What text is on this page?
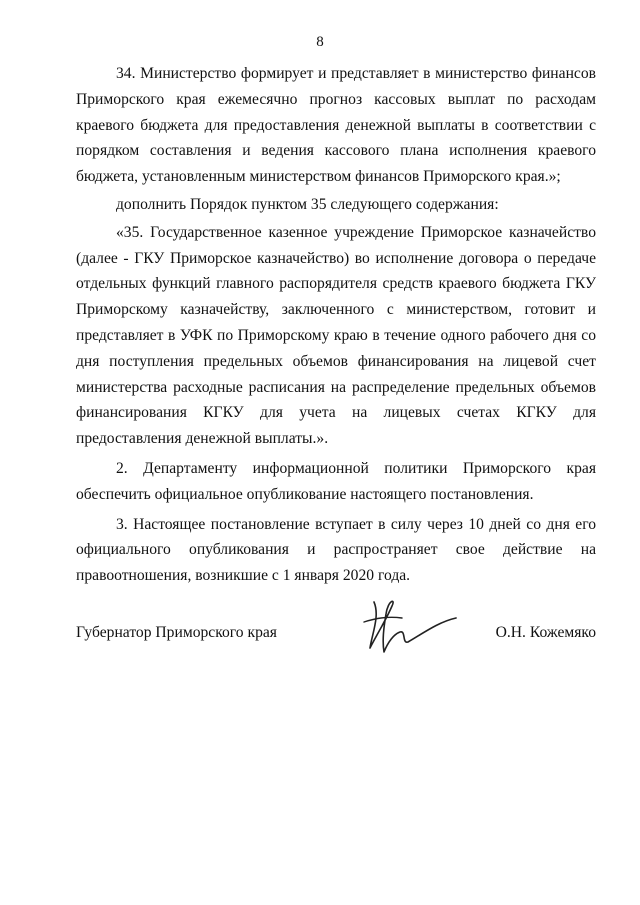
8

34. Министерство формирует и представляет в министерство финансов Приморского края ежемесячно прогноз кассовых выплат по расходам краевого бюджета для предоставления денежной выплаты в соответствии с порядком составления и ведения кассового плана исполнения краевого бюджета, установленным министерством финансов Приморского края.»;

дополнить Порядок пунктом 35 следующего содержания:

«35. Государственное казенное учреждение Приморское казначейство (далее - ГКУ Приморское казначейство) во исполнение договора о передаче отдельных функций главного распорядителя средств краевого бюджета ГКУ Приморскому казначейству, заключенного с министерством, готовит и представляет в УФК по Приморскому краю в течение одного рабочего дня со дня поступления предельных объемов финансирования на лицевой счет министерства расходные расписания на распределение предельных объемов финансирования КГКУ для учета на лицевых счетах КГКУ для предоставления денежной выплаты.».

2. Департаменту информационной политики Приморского края обеспечить официальное опубликование настоящего постановления.

3. Настоящее постановление вступает в силу через 10 дней со дня его официального опубликования и распространяет свое действие на правоотношения, возникшие с 1 января 2020 года.

Губернатор Приморского края	О.Н. Кожемяко
